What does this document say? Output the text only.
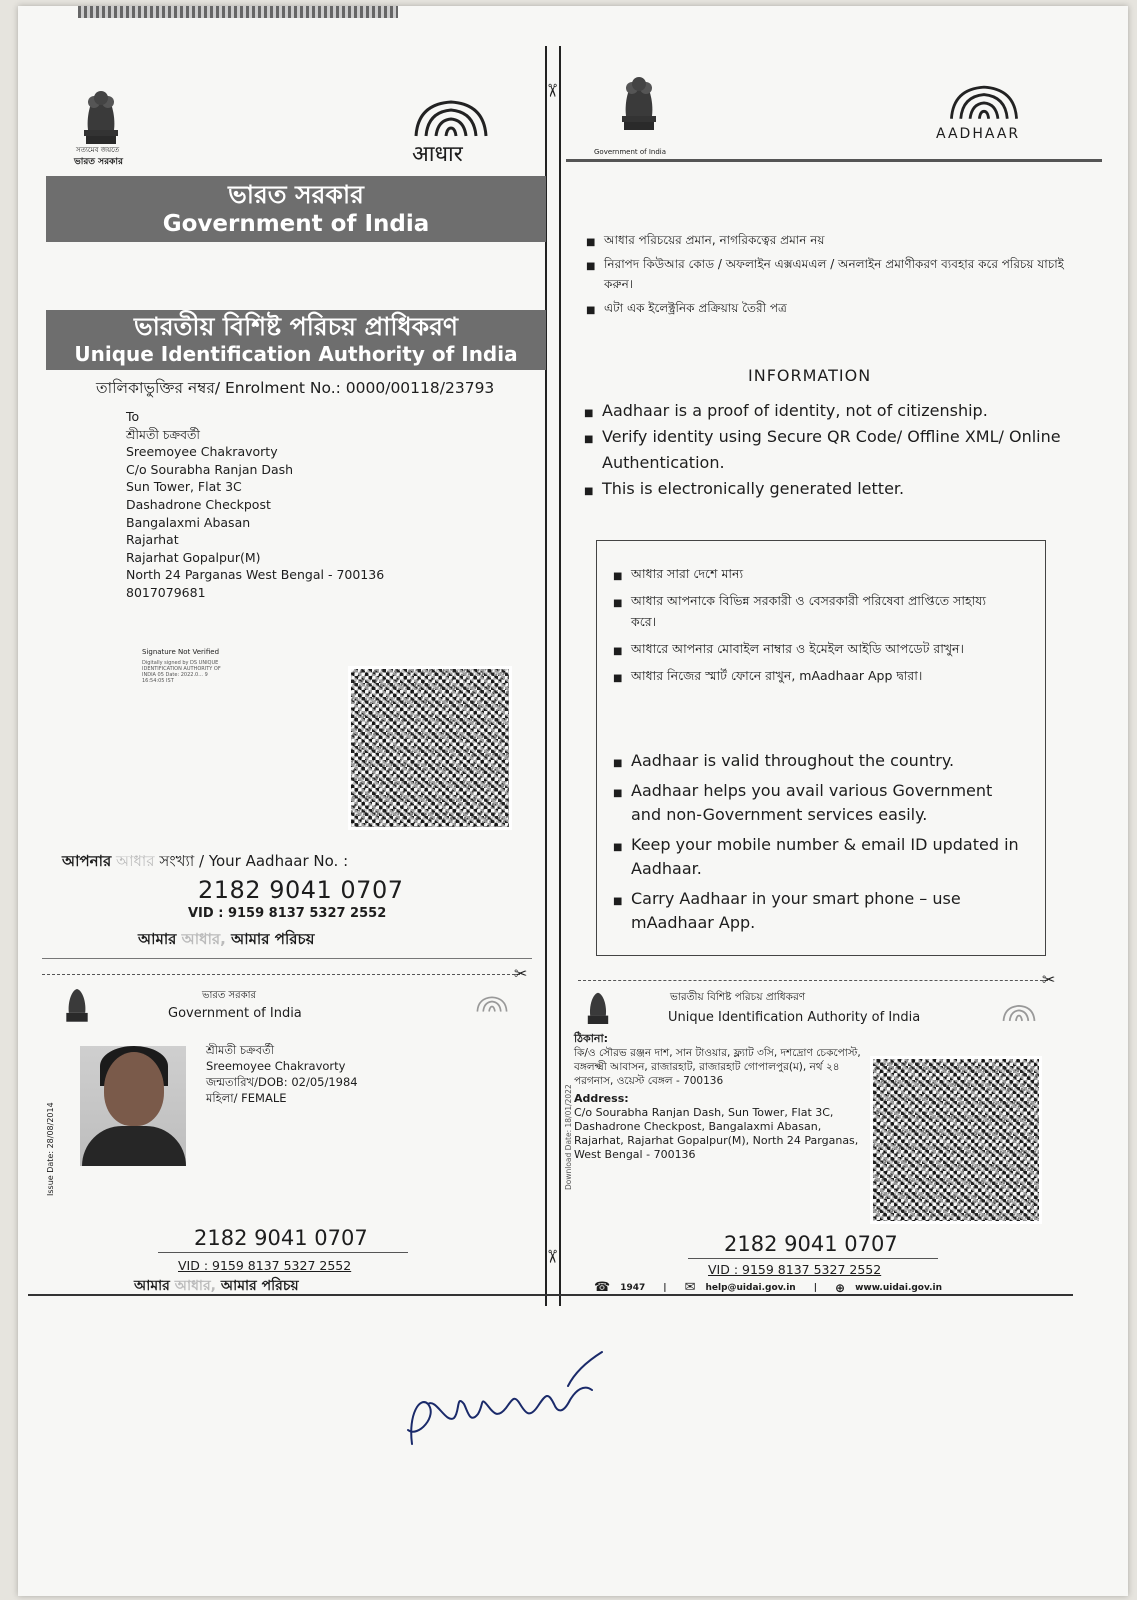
✂
✂
সত্যমেব জয়তে
ভারত সরকার	आधार
ভারত সরকার
Government of India
ভারতীয় বিশিষ্ট পরিচয় প্রাধিকরণ
Unique Identification Authority of India
তালিকাভুক্তির নম্বর/ Enrolment No.: 0000/00118/23793
To
শ্রীমতী চক্রবর্তী
Sreemoyee Chakravorty
C/o Sourabha Ranjan Dash
Sun Tower, Flat 3C
Dashadrone Checkpost
Bangalaxmi Abasan
Rajarhat
Rajarhat Gopalpur(M)
North 24 Parganas West Bengal - 700136
8017079681
Signature Not Verified
Digitally signed by DS UNIQUE IDENTIFICATION AUTHORITY OF INDIA 05 Date: 2022.0... 9 16:54:05 IST
আপনার আধার সংখ্যা / Your Aadhaar No. :
2182 9041 0707
VID : 9159 8137 5327 2552
আমার আধার, আমার পরিচয়
Government of India
AADHAAR
■ আধার পরিচয়ের প্রমান, নাগরিকত্বের প্রমান নয়
■ নিরাপদ কিউআর কোড / অফলাইন এক্সএমএল / অনলাইন প্রমাণীকরণ ব্যবহার করে পরিচয় যাচাই করুন।
■ এটা এক ইলেক্ট্রনিক প্রক্রিয়ায় তৈরী পত্র
INFORMATION
■ Aadhaar is a proof of identity, not of citizenship.
■ Verify identity using Secure QR Code/ Offline XML/ Online Authentication.
■ This is electronically generated letter.
■ আধার সারা দেশে মান্য
■ আধার আপনাকে বিভিন্ন সরকারী ও বেসরকারী পরিষেবা প্রাপ্তিতে সাহায্য করে।
■ আধারে আপনার মোবাইল নাম্বার ও ইমেইল আইডি আপডেট রাখুন।
■ আধার নিজের স্মার্ট ফোনে রাখুন, mAadhaar App দ্বারা।
■ Aadhaar is valid throughout the country.
■ Aadhaar helps you avail various Government and non-Government services easily.
■ Keep your mobile number & email ID updated in Aadhaar.
■ Carry Aadhaar in your smart phone – use mAadhaar App.
✂	✂
ভারত সরকার
Government of India
Issue Date: 28/08/2014
শ্রীমতী চক্রবর্তী
Sreemoyee Chakravorty
জন্মতারিখ/DOB: 02/05/1984
মহিলা/ FEMALE
2182 9041 0707
VID : 9159 8137 5327 2552
আমার আধার, আমার পরিচয়
ভারতীয় বিশিষ্ট পরিচয় প্রাধিকরণ
Unique Identification Authority of India
Download Date: 18/01/2022
ঠিকানা:
কি/ও সৌরভ রঞ্জন দাশ, সান টাওয়ার, ফ্ল্যাট ৩সি, দশদ্রোণ চেকপোস্ট, বঙ্গলক্ষ্মী আবাসন, রাজারহাট, রাজারহাট গোপালপুর(ম), নর্থ ২৪ পরগনাস, ওয়েস্ট বেঙ্গল - 700136
Address:
C/o Sourabha Ranjan Dash, Sun Tower, Flat 3C, Dashadrone Checkpost, Bangalaxmi Abasan, Rajarhat, Rajarhat Gopalpur(M), North 24 Parganas, West Bengal - 700136
2182 9041 0707
VID : 9159 8137 5327 2552
☎ 1947 | ✉ help@uidai.gov.in | ⊕ www.uidai.gov.in
